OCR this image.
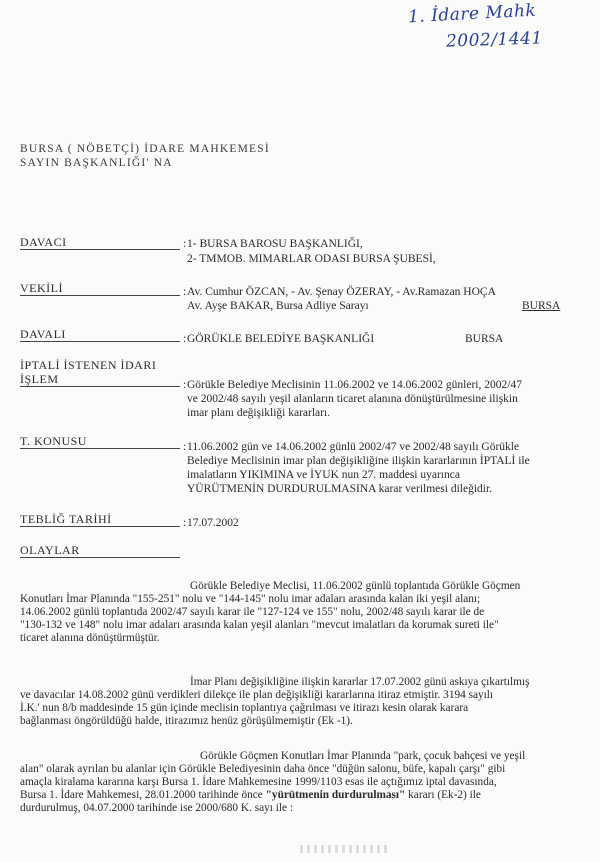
1. İdare Mahk
2002/1441
BURSA ( NÖBETÇİ) İDARE MAHKEMESİ
SAYIN BAŞKANLIĞI' NA
DAVACI	: 1- BURSA BAROSU BAŞKANLIĞI,
2- TMMOB. MIMARLAR ODASI BURSA ŞUBESİ,
VEKİLİ	: Av. Cumhur ÖZCAN, - Av. Şenay ÖZERAY, - Av.Ramazan HOÇA
Av. Ayşe BAKAR, Bursa Adliye Sarayı	BURSA
DAVALI	: GÖRÜKLE BELEDİYE BAŞKANLIĞI	BURSA
İPTALİ İSTENEN İDARI
İŞLEM	: Görükle Belediye Meclisinin 11.06.2002 ve 14.06.2002 günleri, 2002/47
ve 2002/48 sayılı yeşil alanların ticaret alanına dönüştürülmesine ilişkin
imar planı değişikliği kararları.
T. KONUSU	: 11.06.2002 gün ve 14.06.2002 günlü 2002/47 ve 2002/48 sayılı Görükle
Belediye Meclisinin imar plan değişikliğine ilişkin kararlarının İPTALİ ile
imalatların YIKIMINA ve İYUK nun 27. maddesi uyarınca
YÜRÜTMENİN DURDURULMASINA karar verilmesi dileğidir.
TEBLİĞ TARİHİ	: 17.07.2002
OLAYLAR

Görükle Belediye Meclisi, 11.06.2002 günlü toplantıda Görükle Göçmen

Konutları İmar Planında "155-251" nolu ve "144-145" nolu imar adaları arasında kalan iki yeşil alanı;

14.06.2002 günlü toplantıda 2002/47 sayılı karar ile "127-124 ve 155" nolu, 2002/48 sayılı karar ile de

"130-132 ve 148" nolu imar adaları arasında kalan yeşil alanları "mevcut imalatları da korumak sureti ile"

ticaret alanına dönüştürmüştür.

İmar Planı değişikliğine ilişkin kararlar 17.07.2002 günü askıya çıkartılmış

ve davacılar 14.08.2002 günü verdikleri dilekçe ile plan değişikliği kararlarına itiraz etmiştir. 3194 sayılı

İ.K.' nun 8/b maddesinde 15 gün içinde meclisin toplantıya çağrılması ve itirazı kesin olarak karara

bağlanması öngörüldüğü halde, itirazımız henüz görüşülmemiştir (Ek -1).

Görükle Göçmen Konutları İmar Planında "park, çocuk bahçesi ve yeşil

alan" olarak ayrılan bu alanlar için Görükle Belediyesinin daha önce "düğün salonu, büfe, kapalı çarşı" gibi

amaçla kiralama kararına karşı Bursa 1. İdare Mahkemesine 1999/1103 esas ile açtığımız iptal davasında,

Bursa 1. İdare Mahkemesi, 28.01.2000 tarihinde önce "yürütmenin durdurulması" kararı (Ek-2) ile

durdurulmuş, 04.07.2000 tarihinde ise 2000/680 K. sayı ile :
